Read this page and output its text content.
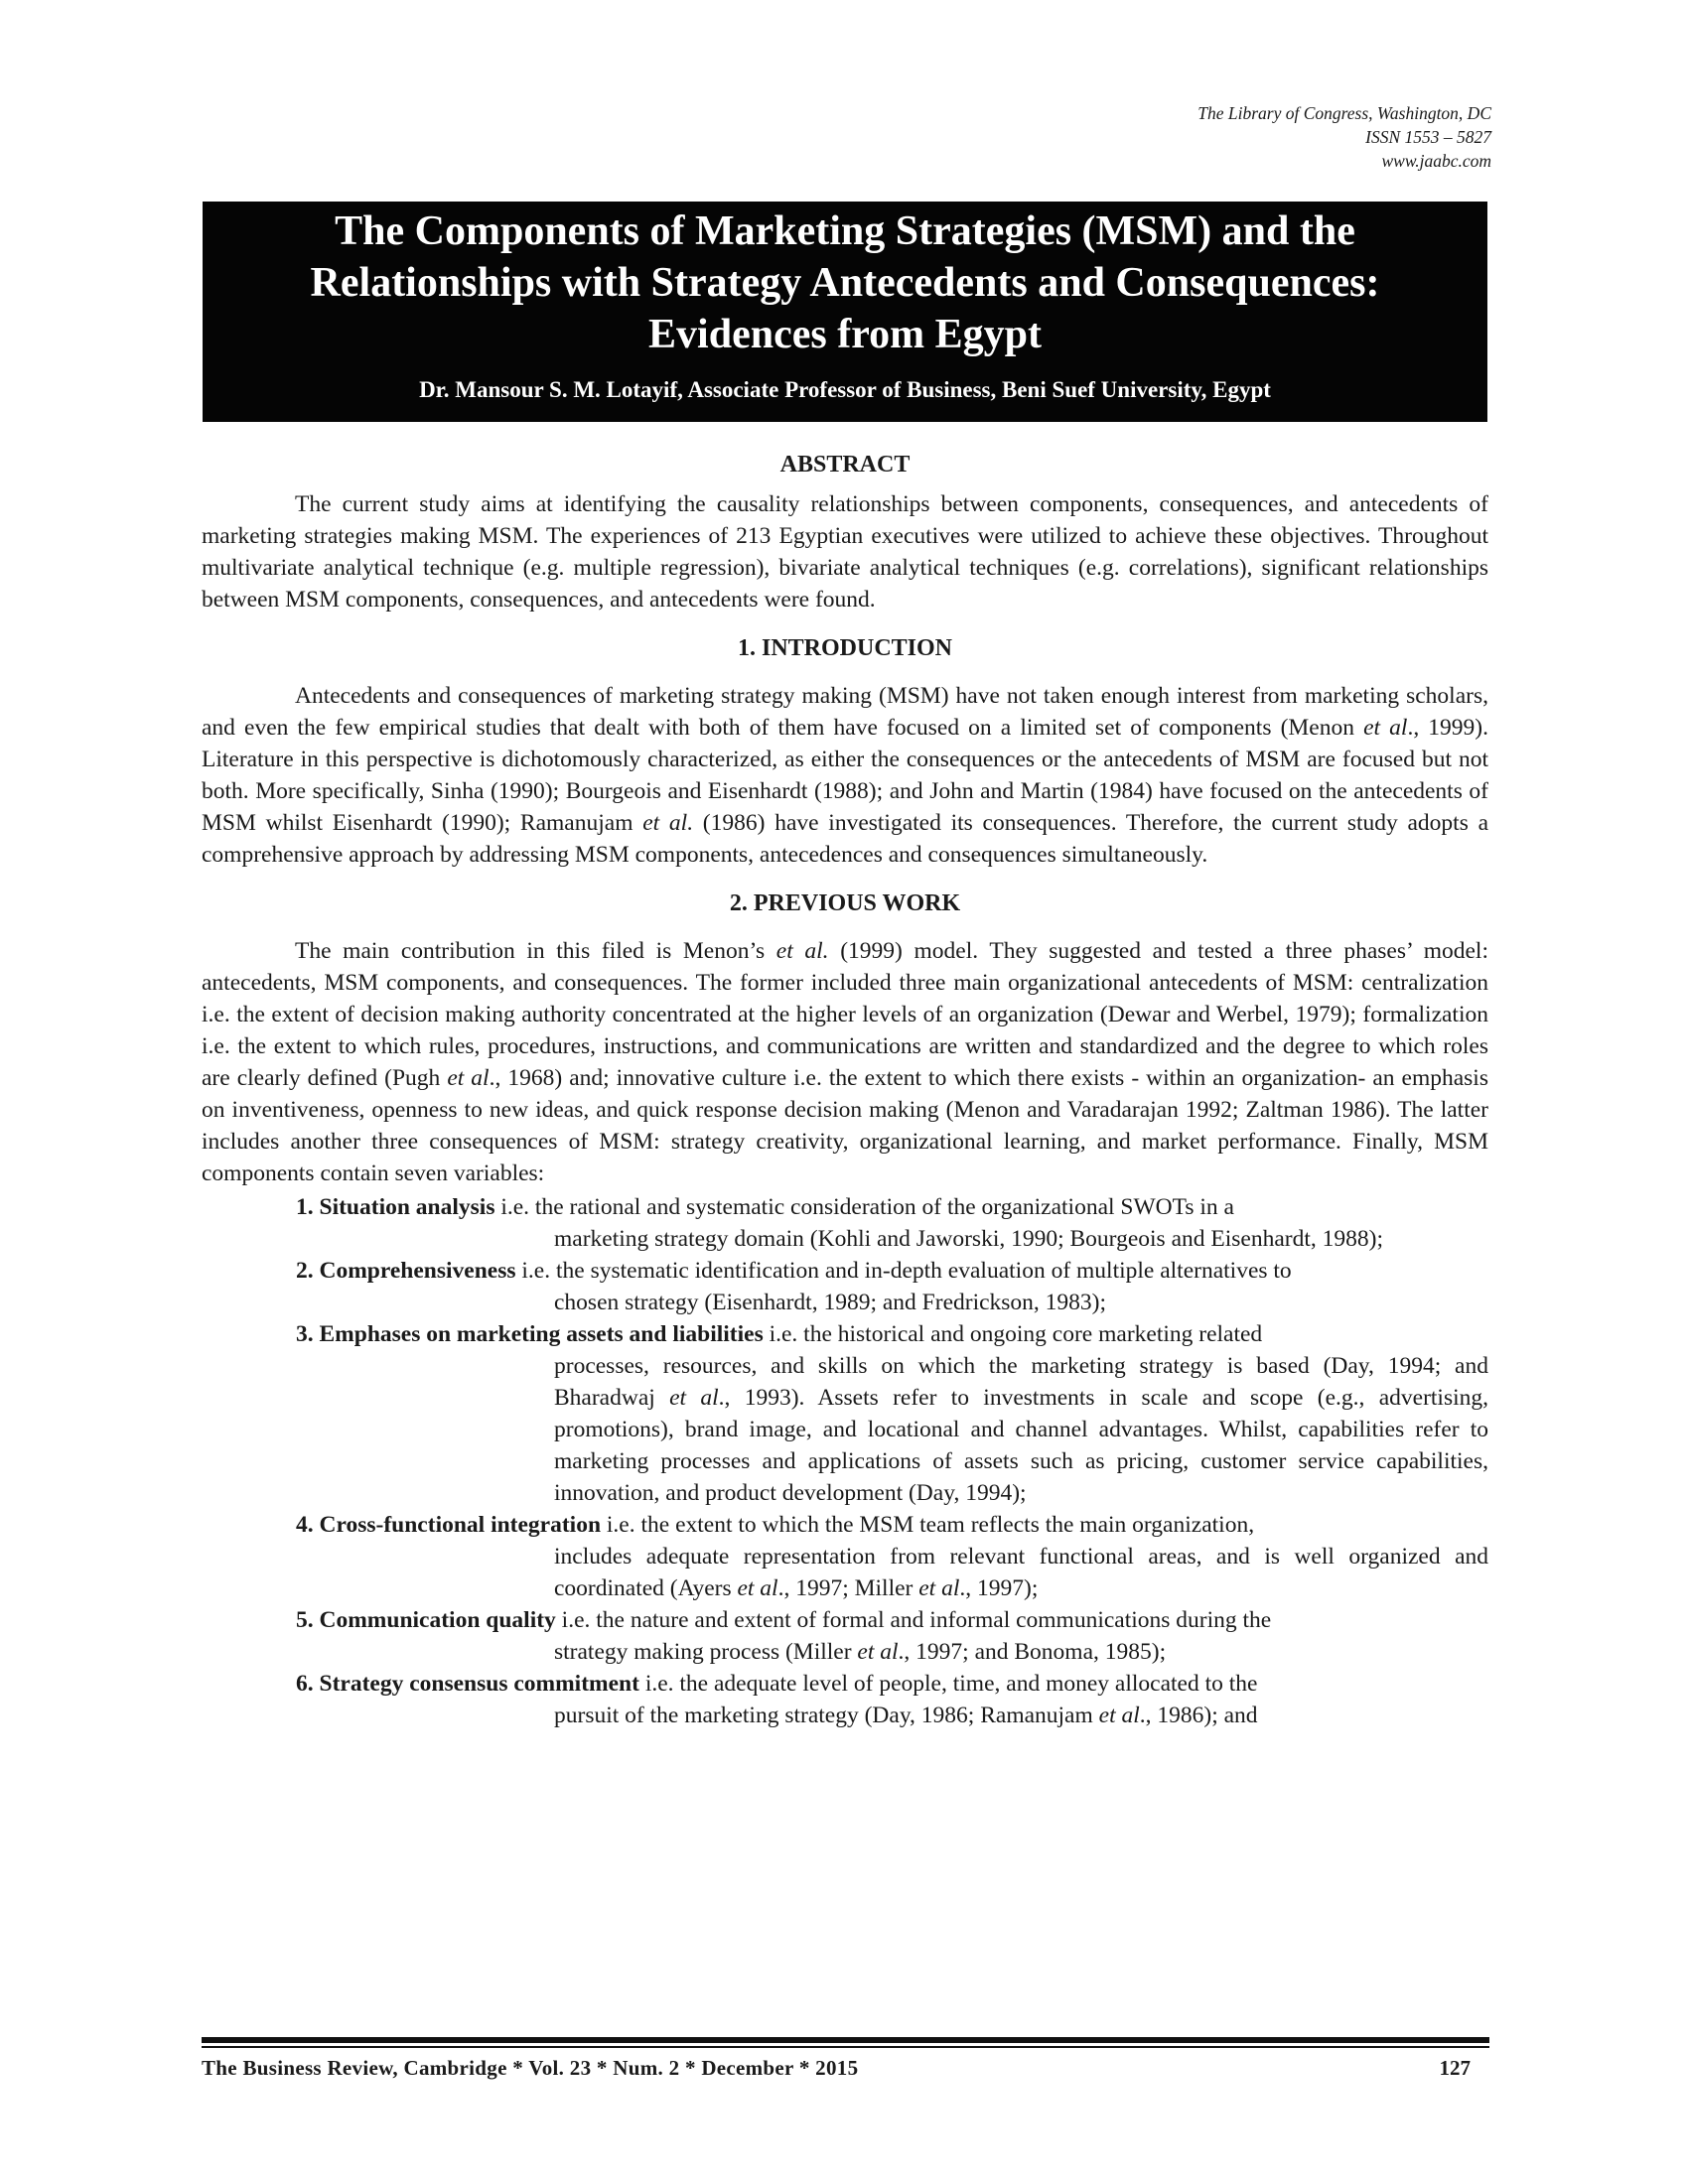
The Library of Congress, Washington, DC
ISSN 1553 – 5827
www.jaabc.com
The Components of Marketing Strategies (MSM) and the
Relationships with Strategy Antecedents and Consequences:
Evidences from Egypt
Dr. Mansour S. M. Lotayif, Associate Professor of Business, Beni Suef University, Egypt
ABSTRACT

The current study aims at identifying the causality relationships between components, consequences, and antecedents of marketing strategies making MSM. The experiences of 213 Egyptian executives were utilized to achieve these objectives. Throughout multivariate analytical technique (e.g. multiple regression), bivariate analytical techniques (e.g. correlations), significant relationships between MSM components, consequences, and antecedents were found.

1. INTRODUCTION

Antecedents and consequences of marketing strategy making (MSM) have not taken enough interest from marketing scholars, and even the few empirical studies that dealt with both of them have focused on a limited set of components (Menon et al., 1999). Literature in this perspective is dichotomously characterized, as either the consequences or the antecedents of MSM are focused but not both. More specifically, Sinha (1990); Bourgeois and Eisenhardt (1988); and John and Martin (1984) have focused on the antecedents of MSM whilst Eisenhardt (1990); Ramanujam et al. (1986) have investigated its consequences. Therefore, the current study adopts a comprehensive approach by addressing MSM components, antecedences and consequences simultaneously.

2. PREVIOUS WORK

The main contribution in this filed is Menon’s et al. (1999) model. They suggested and tested a three phases’ model: antecedents, MSM components, and consequences. The former included three main organizational antecedents of MSM: centralization i.e. the extent of decision making authority concentrated at the higher levels of an organization (Dewar and Werbel, 1979); formalization i.e. the extent to which rules, procedures, instructions, and communications are written and standardized and the degree to which roles are clearly defined (Pugh et al., 1968) and; innovative culture i.e. the extent to which there exists - within an organization- an emphasis on inventiveness, openness to new ideas, and quick response decision making (Menon and Varadarajan 1992; Zaltman 1986). The latter includes another three consequences of MSM: strategy creativity, organizational learning, and market performance. Finally, MSM components contain seven variables:

1. Situation analysis i.e. the rational and systematic consideration of the organizational SWOTs in a

marketing strategy domain (Kohli and Jaworski, 1990; Bourgeois and Eisenhardt, 1988);
2. Comprehensiveness i.e. the systematic identification and in-depth evaluation of multiple alternatives to

chosen strategy (Eisenhardt, 1989; and Fredrickson, 1983);
3. Emphases on marketing assets and liabilities i.e. the historical and ongoing core marketing related

processes, resources, and skills on which the marketing strategy is based (Day, 1994; and Bharadwaj et al., 1993). Assets refer to investments in scale and scope (e.g., advertising, promotions), brand image, and locational and channel advantages. Whilst, capabilities refer to marketing processes and applications of assets such as pricing, customer service capabilities, innovation, and product development (Day, 1994);
4. Cross-functional integration i.e. the extent to which the MSM team reflects the main organization,

includes adequate representation from relevant functional areas, and is well organized and coordinated (Ayers et al., 1997; Miller et al., 1997);
5. Communication quality i.e. the nature and extent of formal and informal communications during the

strategy making process (Miller et al., 1997; and Bonoma, 1985);
6. Strategy consensus commitment i.e. the adequate level of people, time, and money allocated to the

pursuit of the marketing strategy (Day, 1986; Ramanujam et al., 1986); and
The Business Review, Cambridge * Vol. 23 * Num. 2 * December * 2015	127
